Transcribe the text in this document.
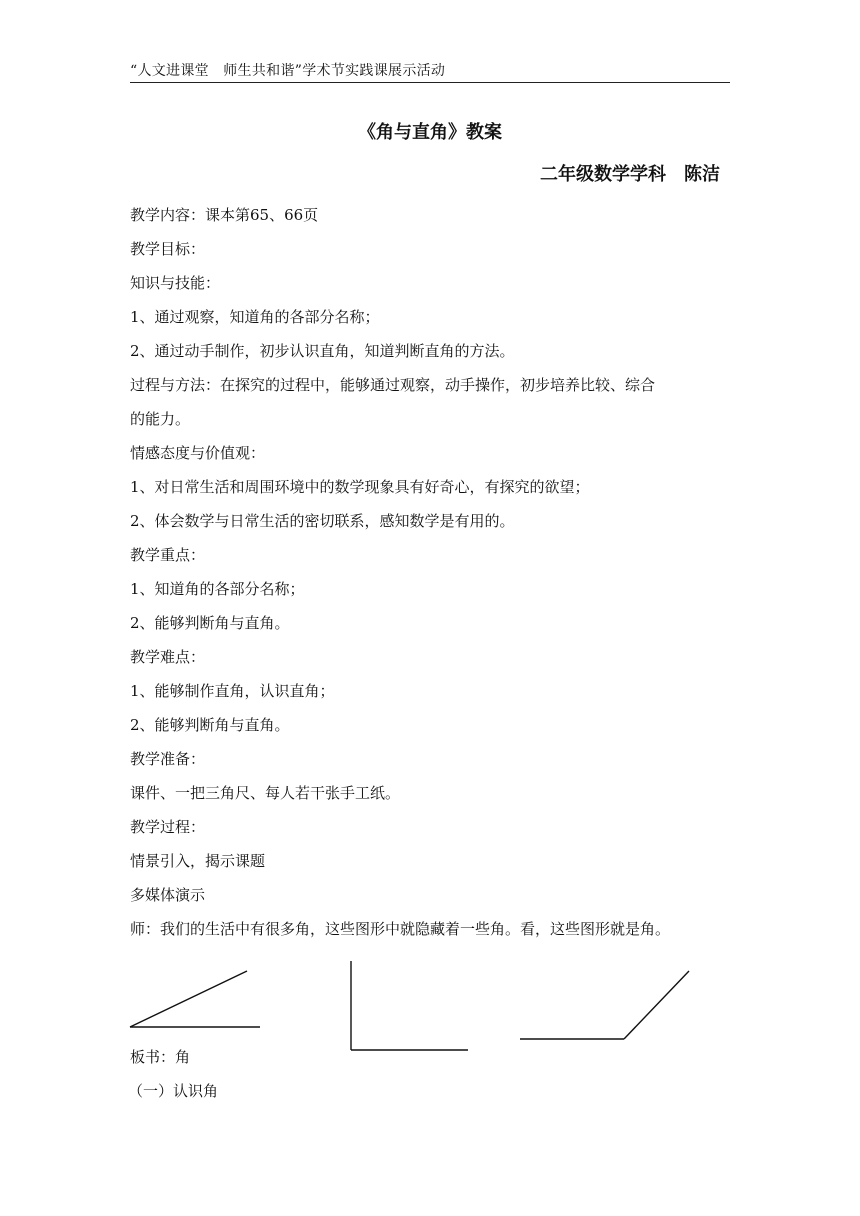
“人文进课堂　师生共和谐”学术节实践课展示活动
《角与直角》教案
二年级数学学科　陈洁
教学内容：课本第65、66页
教学目标：
知识与技能：
1、通过观察，知道角的各部分名称；
2、通过动手制作，初步认识直角，知道判断直角的方法。
过程与方法：在探究的过程中，能够通过观察，动手操作，初步培养比较、综合
的能力。
情感态度与价值观：
1、对日常生活和周围环境中的数学现象具有好奇心，有探究的欲望；
2、体会数学与日常生活的密切联系，感知数学是有用的。
教学重点：
1、知道角的各部分名称；
2、能够判断角与直角。
教学难点：
1、能够制作直角，认识直角；
2、能够判断角与直角。
教学准备：
课件、一把三角尺、每人若干张手工纸。
教学过程：
情景引入，揭示课题
多媒体演示
师：我们的生活中有很多角，这些图形中就隐藏着一些角。看，这些图形就是角。
板书：角
（一）认识角
